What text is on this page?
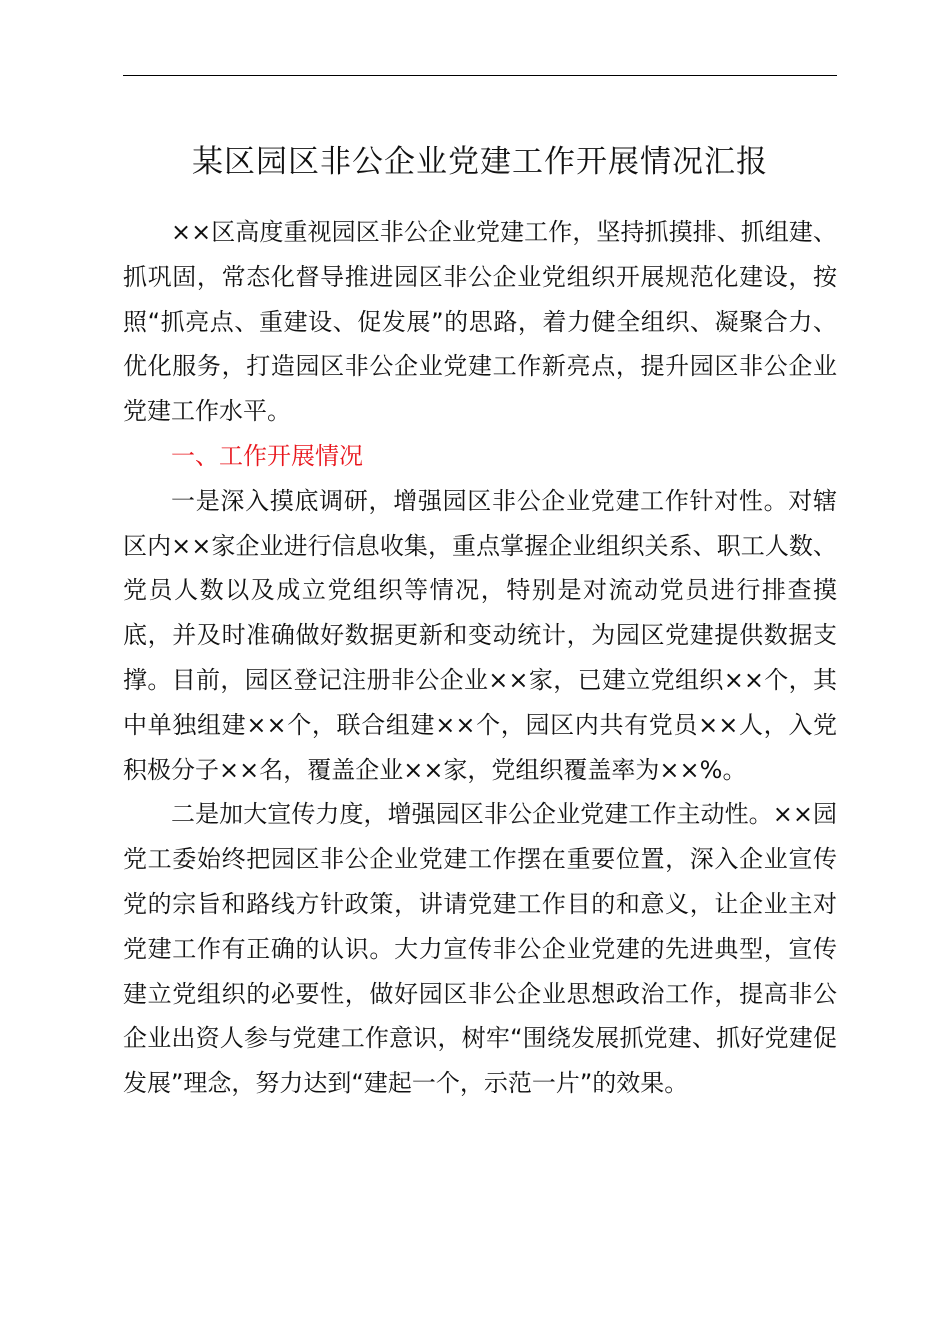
某区园区非公企业党建工作开展情况汇报

××区高度重视园区非公企业党建工作，坚持抓摸排、抓组建、抓巩固，常态化督导推进园区非公企业党组织开展规范化建设，按照“抓亮点、重建设、促发展”的思路，着力健全组织、凝聚合力、优化服务，打造园区非公企业党建工作新亮点，提升园区非公企业党建工作水平。

一、工作开展情况

一是深入摸底调研，增强园区非公企业党建工作针对性。对辖区内××家企业进行信息收集，重点掌握企业组织关系、职工人数、党员人数以及成立党组织等情况，特别是对流动党员进行排查摸底，并及时准确做好数据更新和变动统计，为园区党建提供数据支撑。目前，园区登记注册非公企业××家，已建立党组织××个，其中单独组建××个，联合组建××个，园区内共有党员××人，入党积极分子××名，覆盖企业××家，党组织覆盖率为××%。

二是加大宣传力度，增强园区非公企业党建工作主动性。××园党工委始终把园区非公企业党建工作摆在重要位置，深入企业宣传党的宗旨和路线方针政策，讲请党建工作目的和意义，让企业主对党建工作有正确的认识。大力宣传非公企业党建的先进典型，宣传建立党组织的必要性，做好园区非公企业思想政治工作，提高非公企业出资人参与党建工作意识，树牢“围绕发展抓党建、抓好党建促发展”理念，努力达到“建起一个，示范一片”的效果。
